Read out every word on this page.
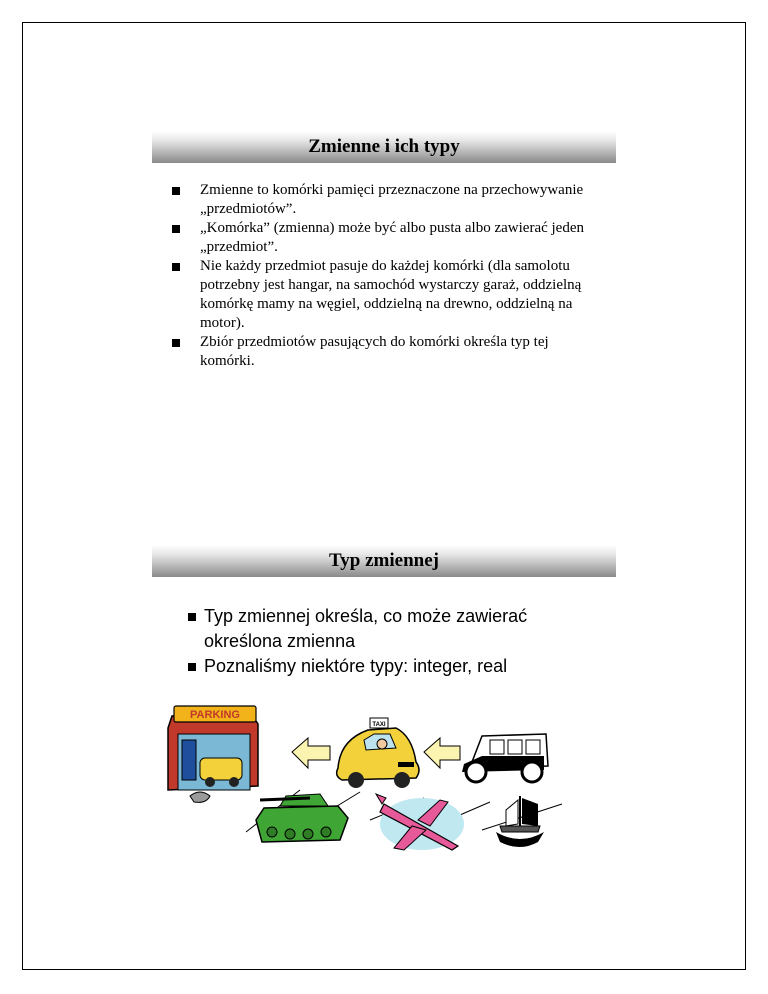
Zmienne i ich typy
Zmienne to komórki pamięci przeznaczone na przechowywanie „przedmiotów”.
„Komórka” (zmienna) może być albo pusta albo zawierać jeden „przedmiot”.
Nie każdy przedmiot pasuje do każdej komórki (dla samolotu potrzebny jest hangar, na samochód wystarczy garaż, oddzielną komórkę mamy na węgiel, oddzielną na drewno, oddzielną na motor).
Zbiór przedmiotów pasujących do komórki określa typ tej komórki.
Typ zmiennej
Typ zmiennej określa, co może zawierać określona zmienna
Poznaliśmy niektóre typy: integer, real
PARKING
TAXI
